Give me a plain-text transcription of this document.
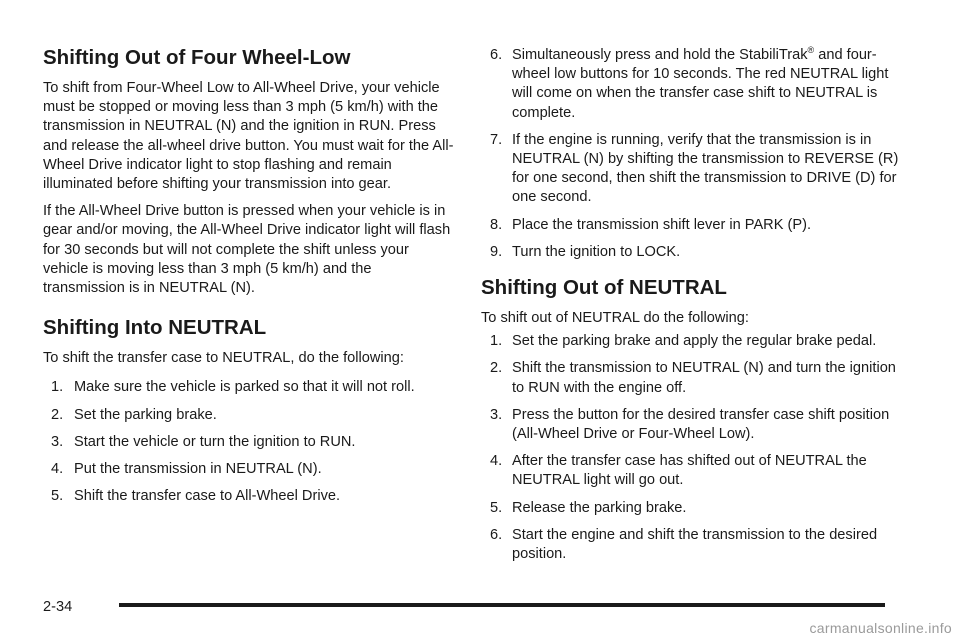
Shifting Out of Four Wheel-Low

To shift from Four-Wheel Low to All-Wheel Drive, your vehicle must be stopped or moving less than 3 mph (5 km/h) with the transmission in NEUTRAL (N) and the ignition in RUN. Press and release the all-wheel drive button. You must wait for the All-Wheel Drive indicator light to stop flashing and remain illuminated before shifting your transmission into gear.

If the All-Wheel Drive button is pressed when your vehicle is in gear and/or moving, the All-Wheel Drive indicator light will flash for 30 seconds but will not complete the shift unless your vehicle is moving less than 3 mph (5 km/h) and the transmission is in NEUTRAL (N).

Shifting Into NEUTRAL

To shift the transfer case to NEUTRAL, do the following:

1. Make sure the vehicle is parked so that it will not roll.
2. Set the parking brake.
3. Start the vehicle or turn the ignition to RUN.
4. Put the transmission in NEUTRAL (N).
5. Shift the transfer case to All-Wheel Drive.
6. Simultaneously press and hold the StabiliTrak® and four-wheel low buttons for 10 seconds. The red NEUTRAL light will come on when the transfer case shift to NEUTRAL is complete.
7. If the engine is running, verify that the transmission is in NEUTRAL (N) by shifting the transmission to REVERSE (R) for one second, then shift the transmission to DRIVE (D) for one second.
8. Place the transmission shift lever in PARK (P).
9. Turn the ignition to LOCK.
Shifting Out of NEUTRAL

To shift out of NEUTRAL do the following:

1. Set the parking brake and apply the regular brake pedal.
2. Shift the transmission to NEUTRAL (N) and turn the ignition to RUN with the engine off.
3. Press the button for the desired transfer case shift position (All-Wheel Drive or Four-Wheel Low).
4. After the transfer case has shifted out of NEUTRAL the NEUTRAL light will go out.
5. Release the parking brake.
6. Start the engine and shift the transmission to the desired position.
2-34
carmanualsonline.info
